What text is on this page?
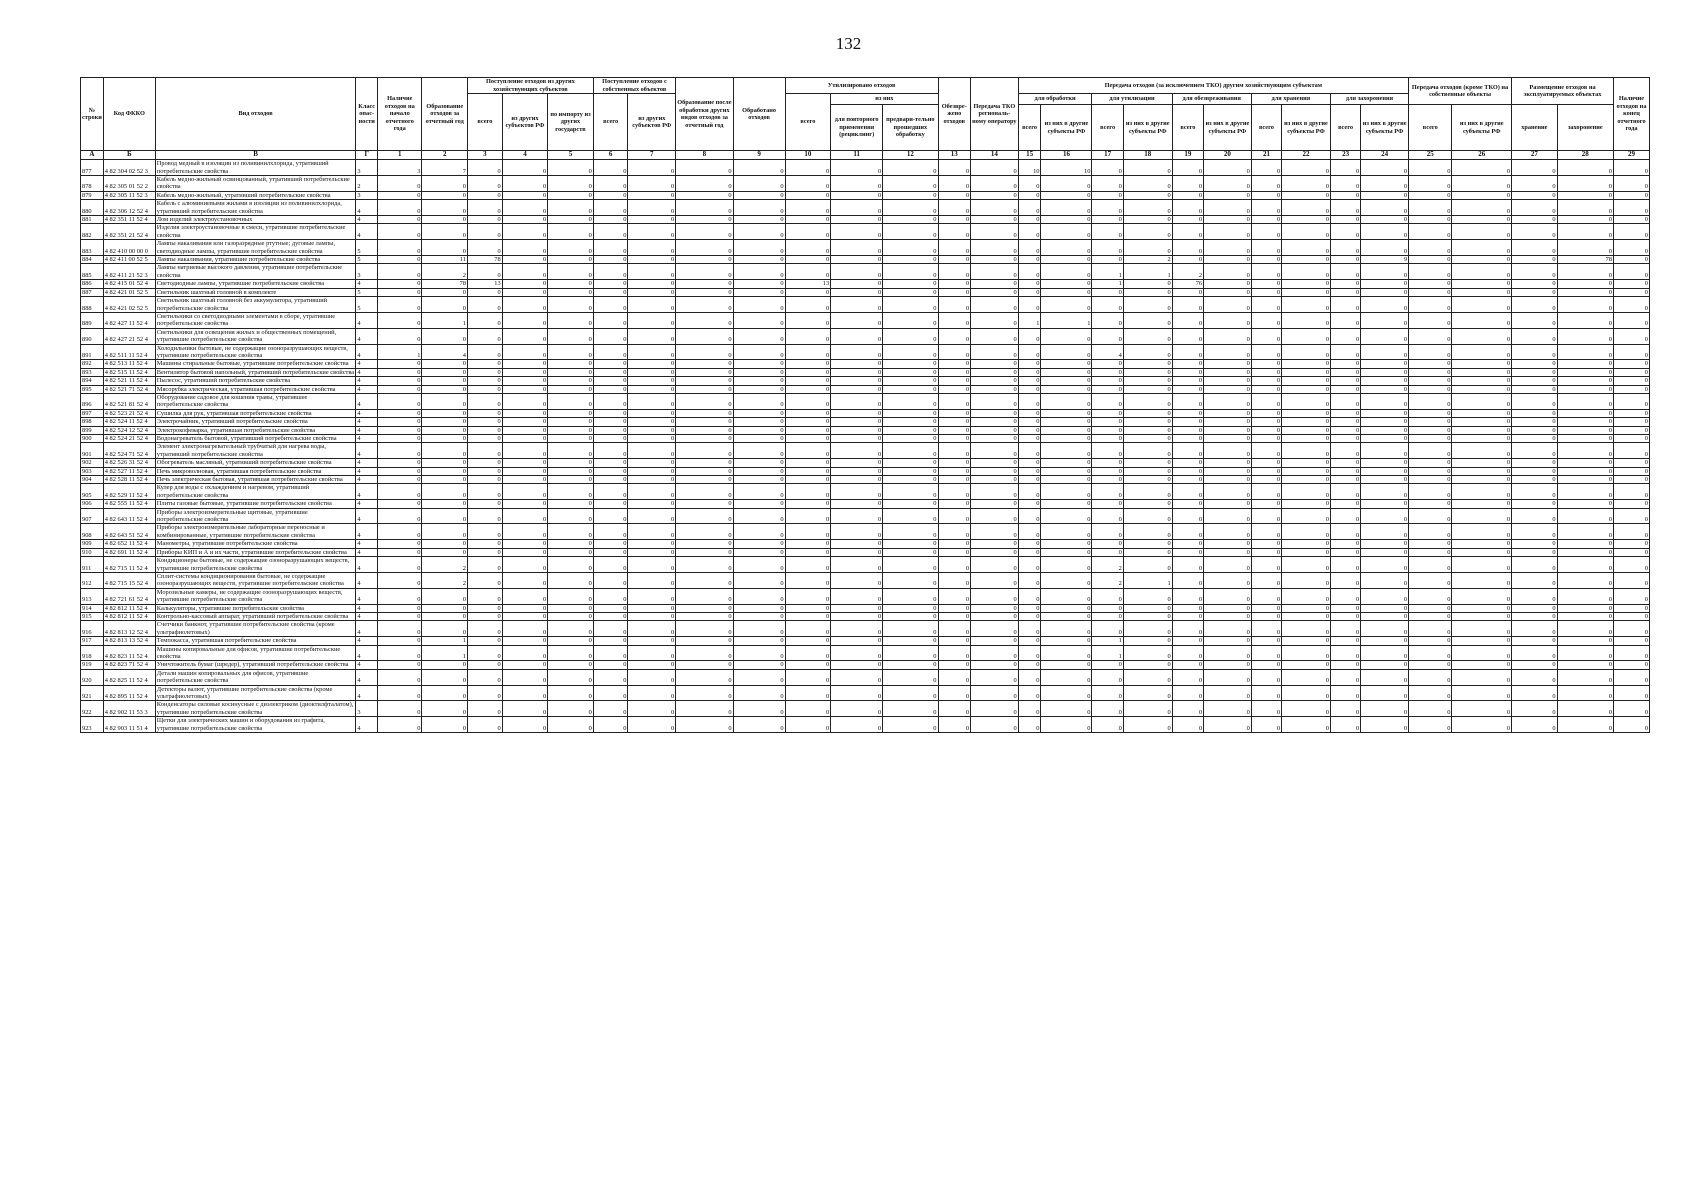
132
№ строки	Код ФККО	Вид отходов	Класс опас-ности	Наличие отходов на начало отчетного года	Образование отходов за отчетный год	Поступление отходов из других хозяйствующих субъектов			Поступление отходов с собственных объектов		Образование после обработки других видов отходов за отчетный год	Обработано отходов	Утилизировано отходов			Обезвре-жено отходов	Передача ТКО региональ-ному оператору	Передача отходов (за исключением ТКО) другим хозяйствующим субъектам										Передача отходов (кроме ТКО) на собственные объекты		Размещение отходов на эксплуатируемых объектах		Наличие отходов на конец отчетного года
						всего	из других субъектов РФ	по импорту из других государств	всего	из других субъектов РФ			всего	из них				для обработки		для утилизации		для обезвреживания		для хранения		для захоронения						
														для повторного применения (рециклинг)	предвари-тельно прошедших обработку			всего	из них в другие субъекты РФ	всего	из них в другие субъекты РФ	всего	из них в другие субъекты РФ	всего	из них в другие субъекты РФ	всего	из них в другие субъекты РФ	всего	из них в другие субъекты РФ	хранение	захоронение	
А	Б	В	Г	1	2	3	4	5	6	7	8	9	10	11	12	13	14	15	16	17	18	19	20	21	22	23	24	25	26	27	28	29
877	4 82 304 02 52 3	Провод медный в изоляции из поливинилхлорида, утративший потребительские свойства	3	3	7	0	0	0	0	0	0	0	0	0	0	0	0	10	10	0	0	0	0	0	0	0	0	0	0	0	0	0
878	4 82 305 01 52 2	Кабель медно-жильный освинцованный, утративший потребительские свойства	2	0	0	0	0	0	0	0	0	0	0	0	0	0	0	0	0	0	0	0	0	0	0	0	0	0	0	0	0	0
879	4 82 305 11 52 3	Кабель медно-жильный, утративший потребительские свойства	3	0	0	0	0	0	0	0	0	0	0	0	0	0	0	0	0	0	0	0	0	0	0	0	0	0	0	0	0	0
880	4 82 306 12 52 4	Кабель с алюминиевыми жилами в изоляции из поливинилхлорида, утративший потребительские свойства	4	0	0	0	0	0	0	0	0	0	0	0	0	0	0	0	0	0	0	0	0	0	0	0	0	0	0	0	0	0
881	4 82 351 11 52 4	Лом изделий электроустановочных	4	0	0	0	0	0	0	0	0	0	0	0	0	0	0	0	0	0	0	0	0	0	0	0	0	0	0	0	0	0
882	4 82 351 21 52 4	Изделия электроустановочные в смеси, утратившие потребительские свойства	4	0	0	0	0	0	0	0	0	0	0	0	0	0	0	0	0	0	0	0	0	0	0	0	0	0	0	0	0	0
883	4 82 410 00 00 0	Лампы накаливания или газоразрядные ртутные; дуговые лампы, светодиодные лампы, утратившие потребительские свойства	5	0	0	0	0	0	0	0	0	0	0	0	0	0	0	0	0	0	0	0	0	0	0	0	0	0	0	0	0	0
884	4 82 411 00 52 5	Лампы накаливания, утратившие потребительские свойства	5	0	11	78	0	0	0	0	0	0	0	0	0	0	0	0	0	0	2	0	0	0	0	0	9	0	0	0	78	0
885	4 82 411 21 52 3	Лампы натриевые высокого давления, утратившие потребительские свойства	3	0	2	0	0	0	0	0	0	0	0	0	0	0	0	0	0	1	1	2	0	0	0	0	0	0	0	0	0	0
886	4 82 415 01 52 4	Светодиодные лампы, утратившие потребительские свойства	4	0	78	13	0	0	0	0	0	0	13	0	0	0	0	0	0	1	0	76	0	0	0	0	0	0	0	0	0	0
887	4 82 421 01 52 5	Светильник шахтный головной в комплекте	5	0	0	0	0	0	0	0	0	0	0	0	0	0	0	0	0	0	0	0	0	0	0	0	0	0	0	0	0	0
888	4 82 421 02 52 5	Светильник шахтный головной без аккумулятора, утративший потребительские свойства	5	0	0	0	0	0	0	0	0	0	0	0	0	0	0	0	0	0	0	0	0	0	0	0	0	0	0	0	0	0
889	4 82 427 11 52 4	Светильники со светодиодными элементами в сборе, утратившие потребительские свойства	4	0	1	0	0	0	0	0	0	0	0	0	0	0	0	1	1	0	0	0	0	0	0	0	0	0	0	0	0	0
890	4 82 427 21 52 4	Светильники для освещения жилых и общественных помещений, утратившие потребительские свойства	4	0	0	0	0	0	0	0	0	0	0	0	0	0	0	0	0	0	0	0	0	0	0	0	0	0	0	0	0	0
891	4 82 511 11 52 4	Холодильники бытовые, не содержащие озоноразрушающих веществ, утратившие потребительские свойства	4	1	4	0	0	0	0	0	0	0	0	0	0	0	0	0	0	4	0	0	0	0	0	0	0	0	0	0	0	0
892	4 82 513 11 52 4	Машины стиральные бытовые, утратившие потребительские свойства	4	0	0	0	0	0	0	0	0	0	0	0	0	0	0	0	0	0	0	0	0	0	0	0	0	0	0	0	0	0
893	4 82 515 11 52 4	Вентилятор бытовой напольный, утративший потребительские свойства	4	0	0	0	0	0	0	0	0	0	0	0	0	0	0	0	0	0	0	0	0	0	0	0	0	0	0	0	0	0
894	4 82 521 11 52 4	Пылесос, утративший потребительские свойства	4	0	0	0	0	0	0	0	0	0	0	0	0	0	0	0	0	0	0	0	0	0	0	0	0	0	0	0	0	0
895	4 82 521 71 52 4	Мясорубка электрическая, утратившая потребительские свойства	4	0	0	0	0	0	0	0	0	0	0	0	0	0	0	0	0	0	0	0	0	0	0	0	0	0	0	0	0	0
896	4 82 521 81 52 4	Оборудование садовое для кошения травы, утратившее потребительские свойства	4	0	0	0	0	0	0	0	0	0	0	0	0	0	0	0	0	0	0	0	0	0	0	0	0	0	0	0	0	0
897	4 82 523 21 52 4	Сушилка для рук, утратившая потребительские свойства	4	0	0	0	0	0	0	0	0	0	0	0	0	0	0	0	0	0	0	0	0	0	0	0	0	0	0	0	0	0
898	4 82 524 11 52 4	Электрочайник, утративший потребительские свойства	4	0	0	0	0	0	0	0	0	0	0	0	0	0	0	0	0	0	0	0	0	0	0	0	0	0	0	0	0	0
899	4 82 524 12 52 4	Электрокофеварка, утратившая потребительские свойства	4	0	0	0	0	0	0	0	0	0	0	0	0	0	0	0	0	0	0	0	0	0	0	0	0	0	0	0	0	0
900	4 82 524 21 52 4	Водонагреватель бытовой, утративший потребительские свойства	4	0	0	0	0	0	0	0	0	0	0	0	0	0	0	0	0	0	0	0	0	0	0	0	0	0	0	0	0	0
901	4 82 524 71 52 4	Элемент электронагревательный трубчатый для нагрева воды, утративший потребительские свойства	4	0	0	0	0	0	0	0	0	0	0	0	0	0	0	0	0	0	0	0	0	0	0	0	0	0	0	0	0	0
902	4 82 526 31 52 4	Обогреватель масляный, утративший потребительские свойства	4	0	0	0	0	0	0	0	0	0	0	0	0	0	0	0	0	0	0	0	0	0	0	0	0	0	0	0	0	0
903	4 82 527 11 52 4	Печь микроволновая, утратившая потребительские свойства	4	0	0	0	0	0	0	0	0	0	0	0	0	0	0	0	0	0	0	0	0	0	0	0	0	0	0	0	0	0
904	4 82 528 11 52 4	Печь электрическая бытовая, утратившая потребительские свойства	4	0	0	0	0	0	0	0	0	0	0	0	0	0	0	0	0	0	0	0	0	0	0	0	0	0	0	0	0	0
905	4 82 529 11 52 4	Кулер для воды с охлаждением и нагревом, утративший потребительские свойства	4	0	0	0	0	0	0	0	0	0	0	0	0	0	0	0	0	0	0	0	0	0	0	0	0	0	0	0	0	0
906	4 82 555 11 52 4	Плиты газовые бытовые, утратившие потребительские свойства	4	0	0	0	0	0	0	0	0	0	0	0	0	0	0	0	0	0	0	0	0	0	0	0	0	0	0	0	0	0
907	4 82 643 11 52 4	Приборы электроизмерительные щитовые, утратившие потребительские свойства	4	0	0	0	0	0	0	0	0	0	0	0	0	0	0	0	0	0	0	0	0	0	0	0	0	0	0	0	0	0
908	4 82 643 51 52 4	Приборы электроизмерительные лабораторные переносные и комбинированные, утратившие потребительские свойства	4	0	0	0	0	0	0	0	0	0	0	0	0	0	0	0	0	0	0	0	0	0	0	0	0	0	0	0	0	0
909	4 82 652 11 52 4	Манометры, утратившие потребительские свойства	4	0	0	0	0	0	0	0	0	0	0	0	0	0	0	0	0	0	0	0	0	0	0	0	0	0	0	0	0	0
910	4 82 691 11 52 4	Приборы КИП и А и их части, утратившие потребительские свойства	4	0	0	0	0	0	0	0	0	0	0	0	0	0	0	0	0	0	0	0	0	0	0	0	0	0	0	0	0	0
911	4 82 715 11 52 4	Кондиционеры бытовые, не содержащие озоноразрушающих веществ, утратившие потребительские свойства	4	0	2	0	0	0	0	0	0	0	0	0	0	0	0	0	0	2	0	0	0	0	0	0	0	0	0	0	0	0
912	4 82 715 15 52 4	Сплит-системы кондиционирования бытовые, не содержащие озоноразрушающих веществ, утратившие потребительские свойства	4	0	2	0	0	0	0	0	0	0	0	0	0	0	0	0	0	2	1	0	0	0	0	0	0	0	0	0	0	0
913	4 82 721 61 52 4	Морозильные камеры, не содержащие озоноразрушающих веществ, утратившие потребительские свойства	4	0	0	0	0	0	0	0	0	0	0	0	0	0	0	0	0	0	0	0	0	0	0	0	0	0	0	0	0	0
914	4 82 812 11 52 4	Калькуляторы, утратившие потребительские свойства	4	0	0	0	0	0	0	0	0	0	0	0	0	0	0	0	0	0	0	0	0	0	0	0	0	0	0	0	0	0
915	4 82 812 11 52 4	Контрольно-кассовый аппарат, утративший потребительские свойства	4	0	0	0	0	0	0	0	0	0	0	0	0	0	0	0	0	0	0	0	0	0	0	0	0	0	0	0	0	0
916	4 82 813 12 52 4	Счетчики банкнот, утратившие потребительские свойства (кроме ультрафиолетовых)	4	0	0	0	0	0	0	0	0	0	0	0	0	0	0	0	0	0	0	0	0	0	0	0	0	0	0	0	0	0
917	4 82 813 13 52 4	Темпокасса, утратившая потребительские свойства	4	0	1	0	0	0	0	0	0	0	0	0	0	0	0	0	0	1	0	0	0	0	0	0	0	0	0	0	0	0
918	4 82 823 11 52 4	Машины копировальные для офисов, утратившие потребительские свойства	4	0	1	0	0	0	0	0	0	0	0	0	0	0	0	0	0	1	0	0	0	0	0	0	0	0	0	0	0	0
919	4 82 823 71 52 4	Уничтожитель бумаг (шредер), утративший потребительские свойства	4	0	0	0	0	0	0	0	0	0	0	0	0	0	0	0	0	0	0	0	0	0	0	0	0	0	0	0	0	0
920	4 82 825 11 52 4	Детали машин копировальных для офисов, утратившие потребительские свойства	4	0	0	0	0	0	0	0	0	0	0	0	0	0	0	0	0	0	0	0	0	0	0	0	0	0	0	0	0	0
921	4 82 895 11 52 4	Детекторы валют, утратившие потребительские свойства (кроме ультрафиолетовых)	4	0	0	0	0	0	0	0	0	0	0	0	0	0	0	0	0	0	0	0	0	0	0	0	0	0	0	0	0	0
922	4 82 902 11 53 3	Конденсаторы силовые косинусные с диэлектриком (диоктилфталатом), утратившие потребительские свойства	3	0	0	0	0	0	0	0	0	0	0	0	0	0	0	0	0	0	0	0	0	0	0	0	0	0	0	0	0	0
923	4 82 903 11 51 4	Щетки для электрических машин и оборудования из графита, утратившие потребительские свойства	4	0	0	0	0	0	0	0	0	0	0	0	0	0	0	0	0	0	0	0	0	0	0	0	0	0	0	0	0	0
